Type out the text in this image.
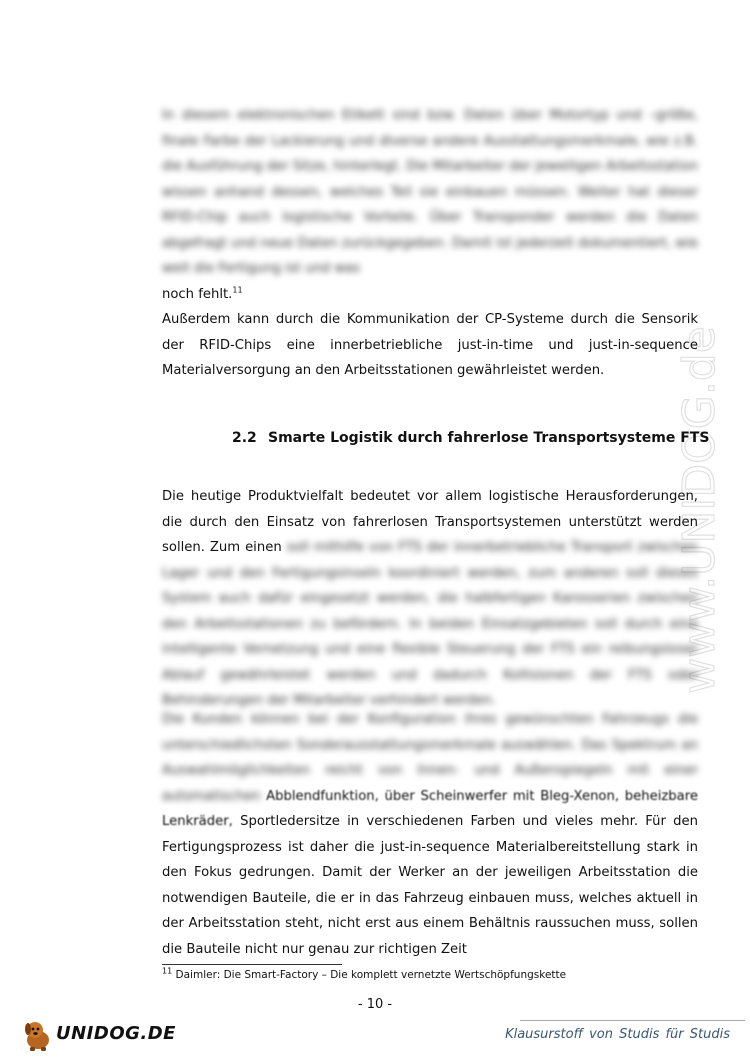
www.UNIDOG.de
In diesem elektronischen Etikett sind bzw. Daten über Motortyp und –größe, finale Farbe der Lackierung und diverse andere Ausstattungsmerkmale, wie z.B. die Ausführung der Sitze, hinterlegt. Die Mitarbeiter der jeweiligen Arbeitsstation wissen anhand dessen, welches Teil sie einbauen müssen. Weiter hat dieser RFID-Chip auch logistische Vorteile. Über Transponder werden die Daten abgefragt und neue Daten zurückgegeben. Damit ist jederzeit dokumentiert, wie weit die Fertigung ist und was
noch fehlt.$^{11}$
Außerdem kann durch die Kommunikation der CP-Systeme durch die Sensorik der RFID-Chips eine innerbetriebliche just-in-time und just-in-sequence Materialversorgung an den Arbeitsstationen gewährleistet werden.
2.2 Smarte Logistik durch fahrerlose Transportsysteme FTS
Die heutige Produktvielfalt bedeutet vor allem logistische Herausforderungen, die durch den Einsatz von fahrerlosen Transportsystemen unterstützt werden sollen. Zum einen soll mithilfe von FTS der innerbetriebliche Transport zwischen Lager und den Fertigungsinseln koordiniert werden, zum anderen soll dieses System auch dafür eingesetzt werden, die halbfertigen Karosserien zwischen den Arbeitsstationen zu befördern. In beiden Einsatzgebieten soll durch eine intelligente Vernetzung und eine flexible Steuerung der FTS ein reibungsloser Ablauf gewährleistet werden und dadurch Kollisionen der FTS oder Behinderungen der Mitarbeiter verhindert werden.
Die Kunden können bei der Konfiguration ihres gewünschten Fahrzeugs die unterschiedlichsten Sonderausstattungsmerkmale auswählen. Das Spektrum an Auswahlmöglichkeiten reicht von Innen- und Außenspiegeln mit einer automatischen Abblendfunktion, über Scheinwerfer mit Bleg-Xenon, beheizbare Lenkräder, Sportledersitze in verschiedenen Farben und vieles mehr. Für den Fertigungsprozess ist daher die just-in-sequence Materialbereitstellung stark in den Fokus gedrungen. Damit der Werker an der jeweiligen Arbeitsstation die notwendigen Bauteile, die er in das Fahrzeug einbauen muss, welches aktuell in der Arbeitsstation steht, nicht erst aus einem Behältnis raussuchen muss, sollen die Bauteile nicht nur genau zur richtigen Zeit
$^{11}$ Daimler: Die Smart-Factory – Die komplett vernetzte Wertschöpfungskette
- 10 -
UNIDOG.DE	Klausurstoff von Studis für Studis
